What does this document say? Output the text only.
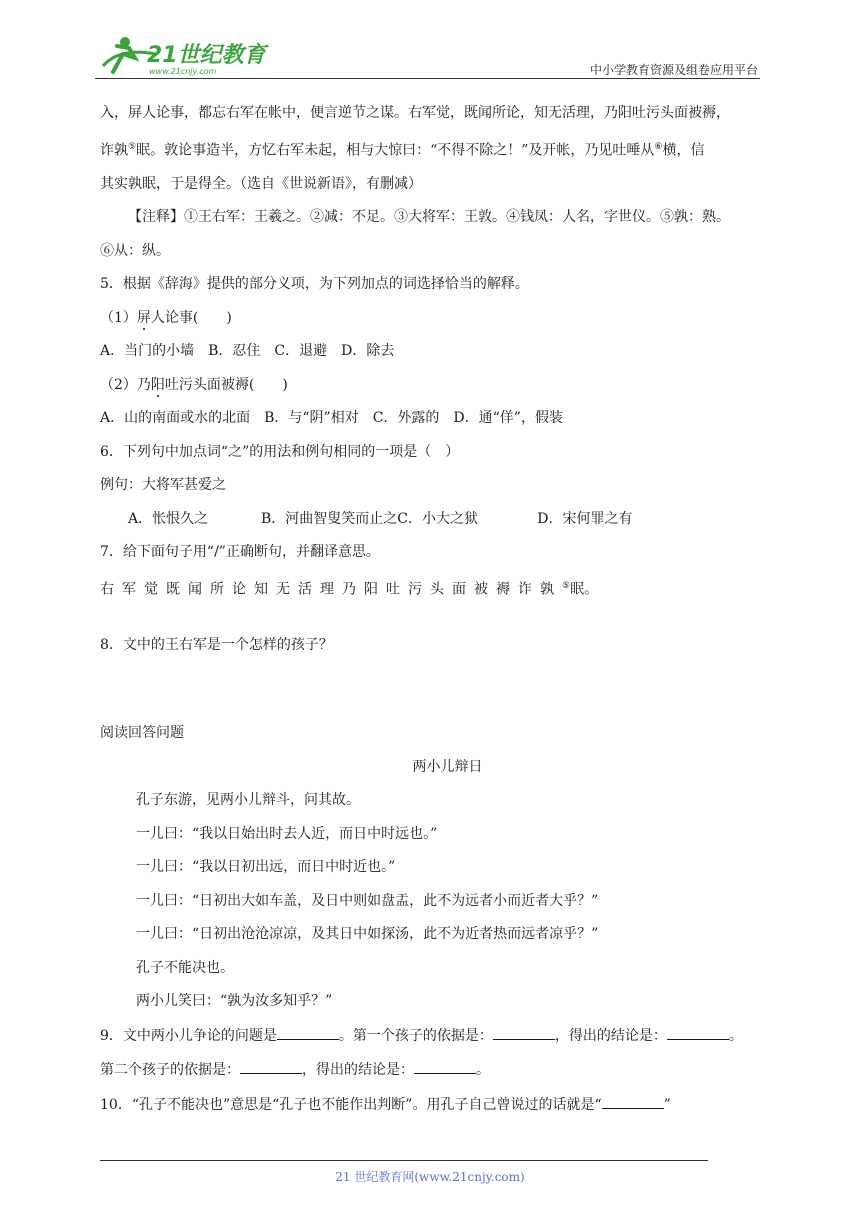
21世纪教育
www.21cnjy.com	中小学教育资源及组卷应用平台
入，屏人论事，都忘右军在帐中，便言逆节之谋。右军觉，既闻所论，知无活理，乃阳吐污头面被褥，
诈孰⑤眠。敦论事造半，方忆右军未起，相与大惊曰：“不得不除之！”及开帐，乃见吐唾从⑥横，信
其实孰眠，于是得全。（选自《世说新语》，有删减）
【注释】①王右军：王羲之。②减：不足。③大将军：王敦。④钱凤：人名，字世仪。⑤孰：熟。
⑥从：纵。
5．根据《辞海》提供的部分义项，为下列加点的词选择恰当的解释。
（1）屏人论事(　　)
A．当门的小墙　B．忍住　C．退避　D．除去
（2）乃阳吐污头面被褥(　　)
A．山的南面或水的北面　B．与“阴”相对　C．外露的　D．通“佯”，假装
6．下列句中加点词“之”的用法和例句相同的一项是（　）
例句：大将军甚爱之
A．怅恨久之	B．河曲智叟笑而止之C．小大之狱	D．宋何罪之有
7．给下面句子用“/”正确断句，并翻译意思。
右军觉既闻所论知无活理乃阳吐污头面被褥诈孰⑤眠。
8．文中的王右军是一个怎样的孩子？
阅读回答问题
两小儿辩日
孔子东游，见两小儿辩斗，问其故。
一儿曰：“我以日始出时去人近，而日中时远也。”
一儿曰：“我以日初出远，而日中时近也。”
一儿曰：“日初出大如车盖，及日中则如盘盂，此不为远者小而近者大乎？”
一儿曰：“日初出沧沧凉凉，及其日中如探汤，此不为近者热而远者凉乎？”
孔子不能决也。
两小儿笑曰：“孰为汝多知乎？”
9．文中两小儿争论的问题是	。第一个孩子的依据是：	，得出的结论是：	。
第二个孩子的依据是：	，得出的结论是：	。
10．“孔子不能决也”意思是“孔子也不能作出判断”。用孔子自己曾说过的话就是“	”
21 世纪教育网(www.21cnjy.com)
